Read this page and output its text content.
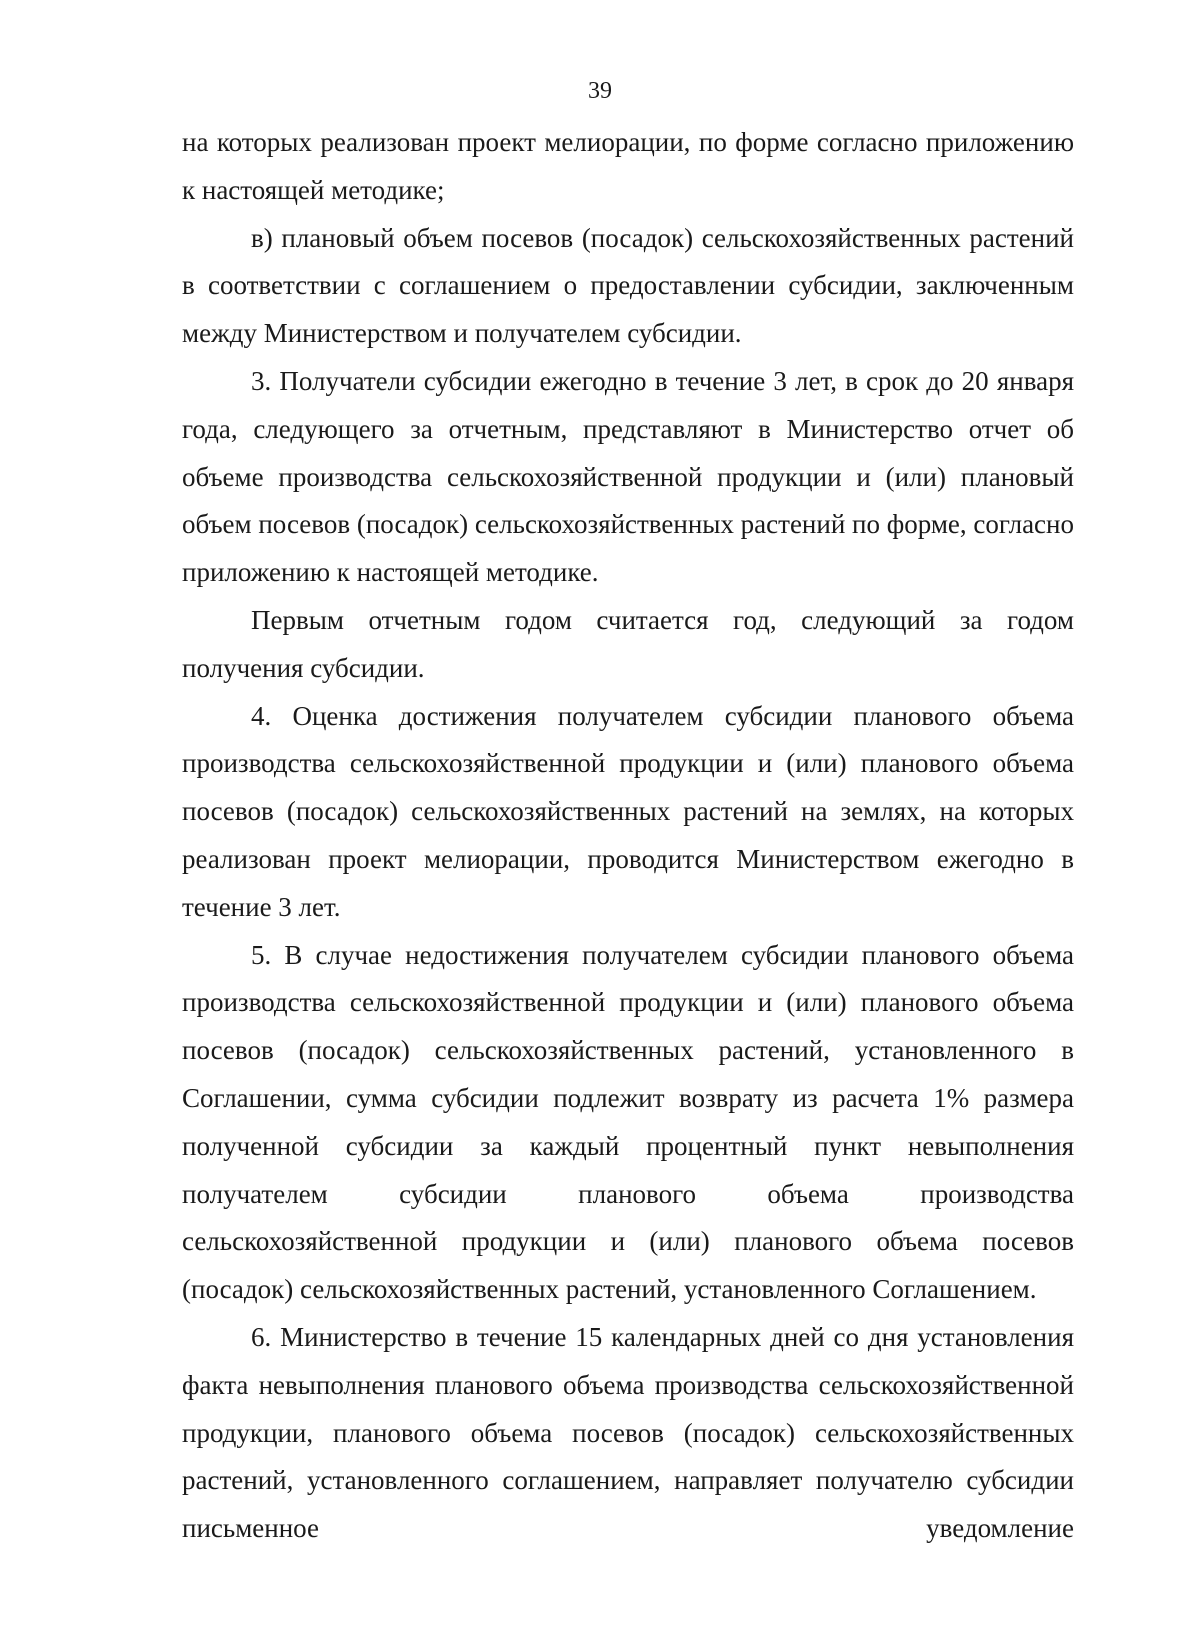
39

на которых реализован проект мелиорации, по форме согласно приложению к настоящей методике;

в) плановый объем посевов (посадок) сельскохозяйственных растений в соответствии с соглашением о предоставлении субсидии, заключенным между Министерством и получателем субсидии.

3. Получатели субсидии ежегодно в течение 3 лет, в срок до 20 января года, следующего за отчетным, представляют в Министерство отчет об объеме производства сельскохозяйственной продукции и (или) плановый объем посевов (посадок) сельскохозяйственных растений по форме, согласно приложению к настоящей методике.

Первым отчетным годом считается год, следующий за годом получения субсидии.

4. Оценка достижения получателем субсидии планового объема производства сельскохозяйственной продукции и (или) планового объема посевов (посадок) сельскохозяйственных растений на землях, на которых реализован проект мелиорации, проводится Министерством ежегодно в течение 3 лет.

5. В случае недостижения получателем субсидии планового объема производства сельскохозяйственной продукции и (или) планового объема посевов (посадок) сельскохозяйственных растений, установленного в Соглашении, сумма субсидии подлежит возврату из расчета 1% размера полученной субсидии за каждый процентный пункт невыполнения получателем субсидии планового объема производства сельскохозяйственной продукции и (или) планового объема посевов (посадок) сельскохозяйственных растений, установленного Соглашением.

6. Министерство в течение 15 календарных дней со дня установления факта невыполнения планового объема производства сельскохозяйственной продукции, планового объема посевов (посадок) сельскохозяйственных растений, установленного соглашением, направляет получателю субсидии письменное уведомление
